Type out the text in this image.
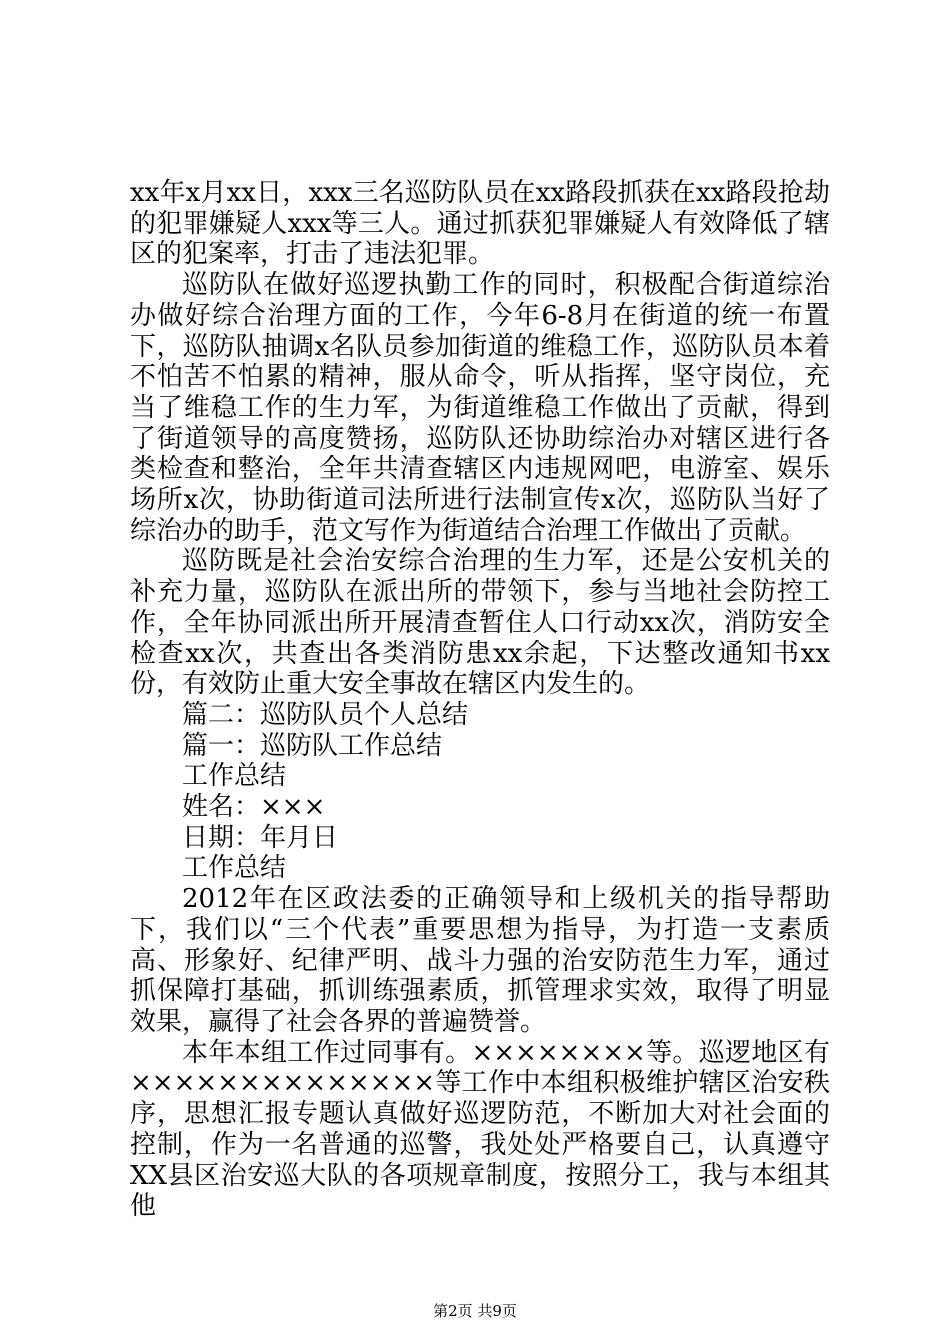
xx年x月xx日，xxx三名巡防队员在xx路段抓获在xx路段抢劫的犯罪嫌疑人xxx等三人。通过抓获犯罪嫌疑人有效降低了辖区的犯案率，打击了违法犯罪。

巡防队在做好巡逻执勤工作的同时，积极配合街道综治办做好综合治理方面的工作，今年6-8月在街道的统一布置下，巡防队抽调x名队员参加街道的维稳工作，巡防队员本着不怕苦不怕累的精神，服从命令，听从指挥，坚守岗位，充当了维稳工作的生力军，为街道维稳工作做出了贡献，得到了街道领导的高度赞扬，巡防队还协助综治办对辖区进行各类检查和整治，全年共清查辖区内违规网吧，电游室、娱乐场所x次，协助街道司法所进行法制宣传x次，巡防队当好了综治办的助手，范文写作为街道结合治理工作做出了贡献。

巡防既是社会治安综合治理的生力军，还是公安机关的补充力量，巡防队在派出所的带领下，参与当地社会防控工作，全年协同派出所开展清查暂住人口行动xx次，消防安全检查xx次，共查出各类消防患xx余起，下达整改通知书xx份，有效防止重大安全事故在辖区内发生的。

篇二：巡防队员个人总结

篇一：巡防队工作总结

工作总结

姓名：×××

日期：年月日

工作总结

2012年在区政法委的正确领导和上级机关的指导帮助下，我们以“三个代表”重要思想为指导，为打造一支素质高、形象好、纪律严明、战斗力强的治安防范生力军，通过抓保障打基础，抓训练强素质，抓管理求实效，取得了明显效果，赢得了社会各界的普遍赞誉。

本年本组工作过同事有。××××××××等。巡逻地区有××××××××××××××等工作中本组积极维护辖区治安秩序，思想汇报专题认真做好巡逻防范，不断加大对社会面的控制，作为一名普通的巡警，我处处严格要自己，认真遵守XX县区治安巡大队的各项规章制度，按照分工，我与本组其他

第2页 共9页
